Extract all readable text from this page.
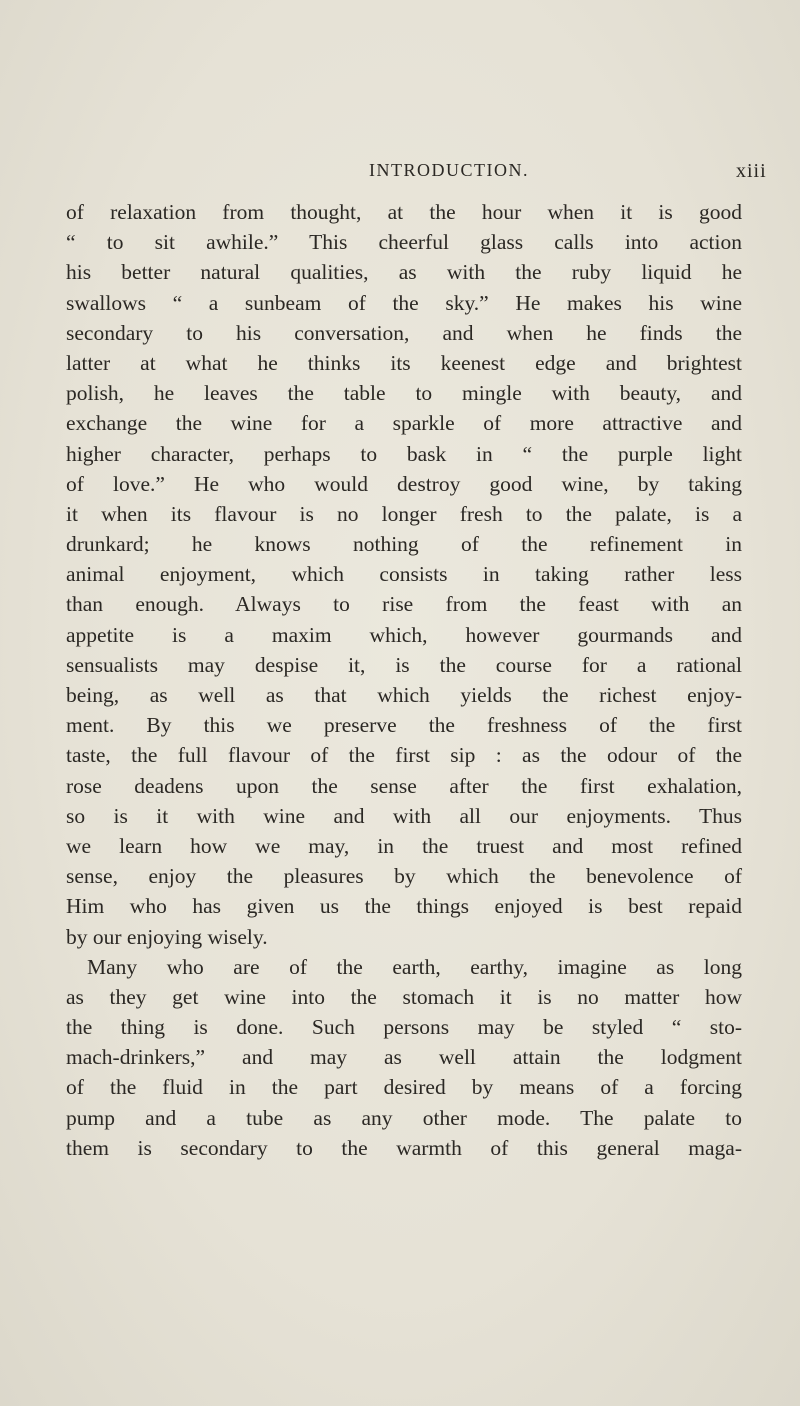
INTRODUCTION.	xiii
of relaxation from thought, at the hour when it is good
“ to sit awhile.” This cheerful glass calls into action
his better natural qualities, as with the ruby liquid he
swallows “ a sunbeam of the sky.” He makes his wine
secondary to his conversation, and when he finds the
latter at what he thinks its keenest edge and brightest
polish, he leaves the table to mingle with beauty, and
exchange the wine for a sparkle of more attractive and
higher character, perhaps to bask in “ the purple light
of love.” He who would destroy good wine, by taking
it when its flavour is no longer fresh to the palate, is a
drunkard; he knows nothing of the refinement in
animal enjoyment, which consists in taking rather less
than enough. Always to rise from the feast with an
appetite is a maxim which, however gourmands and
sensualists may despise it, is the course for a rational
being, as well as that which yields the richest enjoy-
ment. By this we preserve the freshness of the first
taste, the full flavour of the first sip : as the odour of the
rose deadens upon the sense after the first exhalation,
so is it with wine and with all our enjoyments. Thus
we learn how we may, in the truest and most refined
sense, enjoy the pleasures by which the benevolence of
Him who has given us the things enjoyed is best repaid
by our enjoying wisely.
Many who are of the earth, earthy, imagine as long
as they get wine into the stomach it is no matter how
the thing is done. Such persons may be styled “ sto-
mach-drinkers,” and may as well attain the lodgment
of the fluid in the part desired by means of a forcing
pump and a tube as any other mode. The palate to
them is secondary to the warmth of this general maga-
